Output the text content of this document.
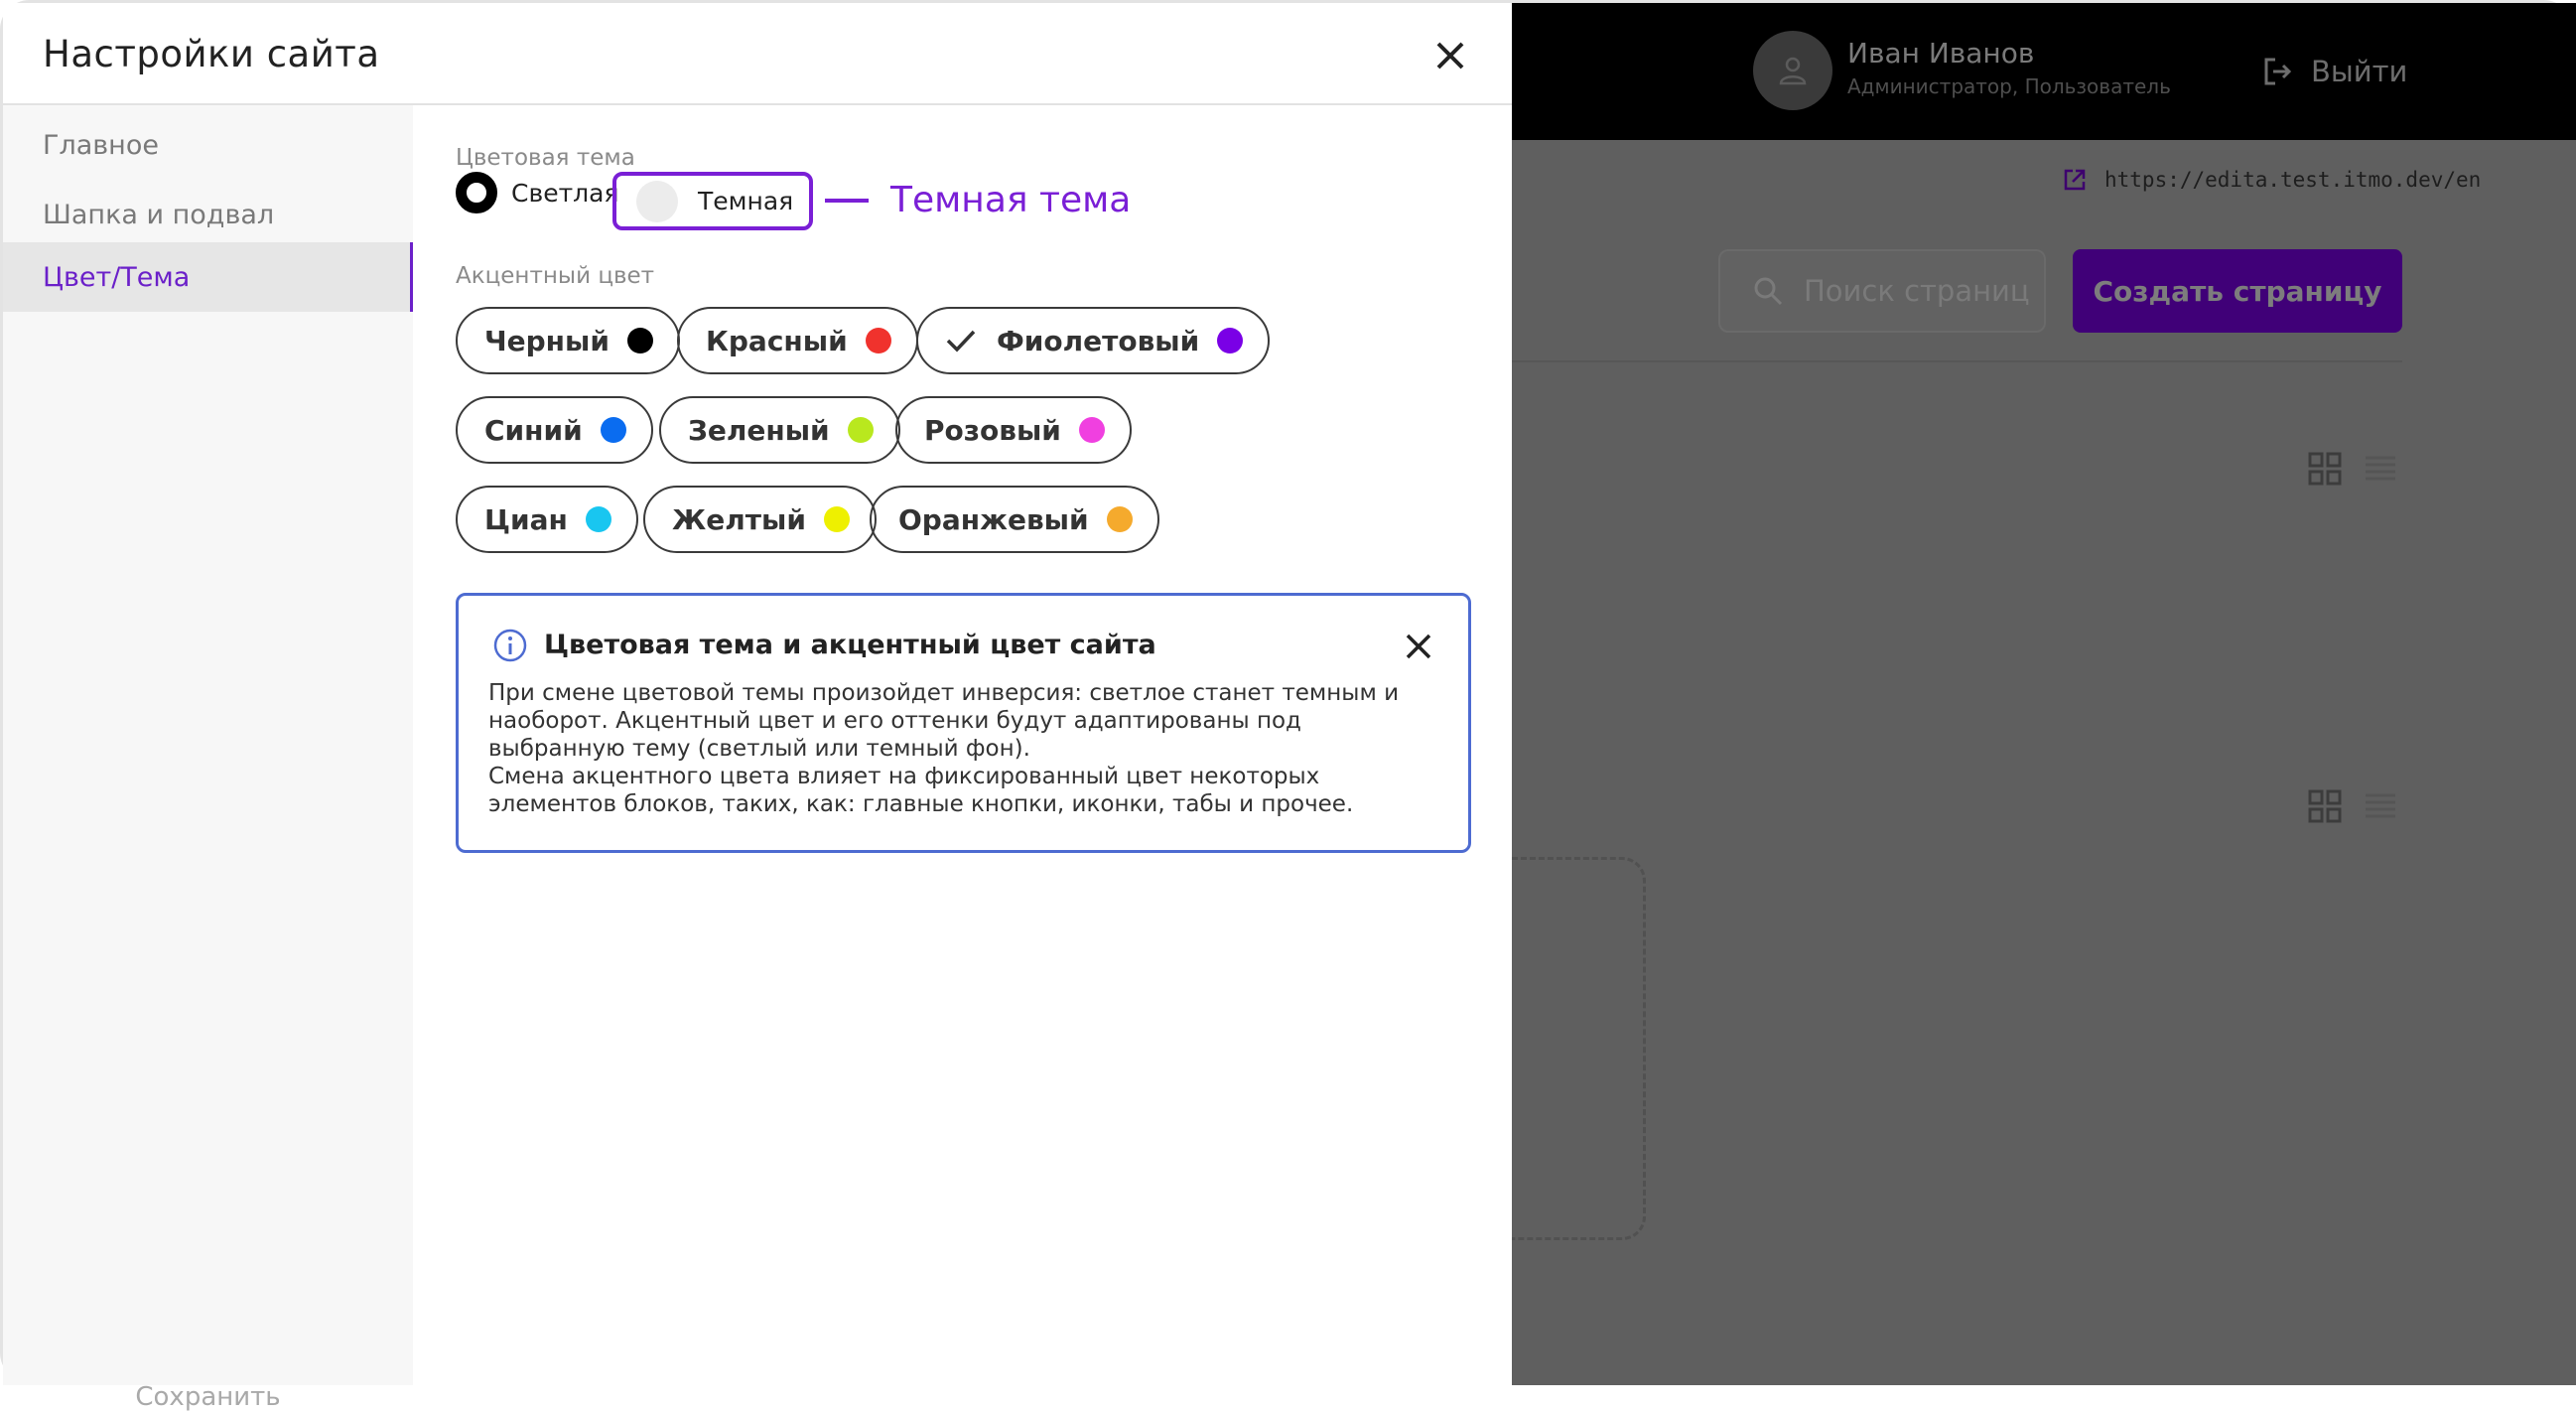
Иван Иванов
Администратор, Пользователь	Выйти
https://edita.test.itmo.dev/en
Поиск страниц	Создать страницу
Настройки сайта
Главное
Шапка и подвал
Цвет/Тема
Сохранить
Цветовая тема
Светлая	Темная	Темная тема
Акцентный цвет
Черный	Красный	Фиолетовый
Синий	Зеленый	Розовый
Циан	Желтый	Оранжевый
Цветовая тема и акцентный цвет сайта

При смене цветовой темы произойдет инверсия: светлое станет темным и наоборот. Акцентный цвет и его оттенки будут адаптированы под выбранную тему (светлый или темный фон).

Смена акцентного цвета влияет на фиксированный цвет некоторых элементов блоков, таких, как: главные кнопки, иконки, табы и прочее.
